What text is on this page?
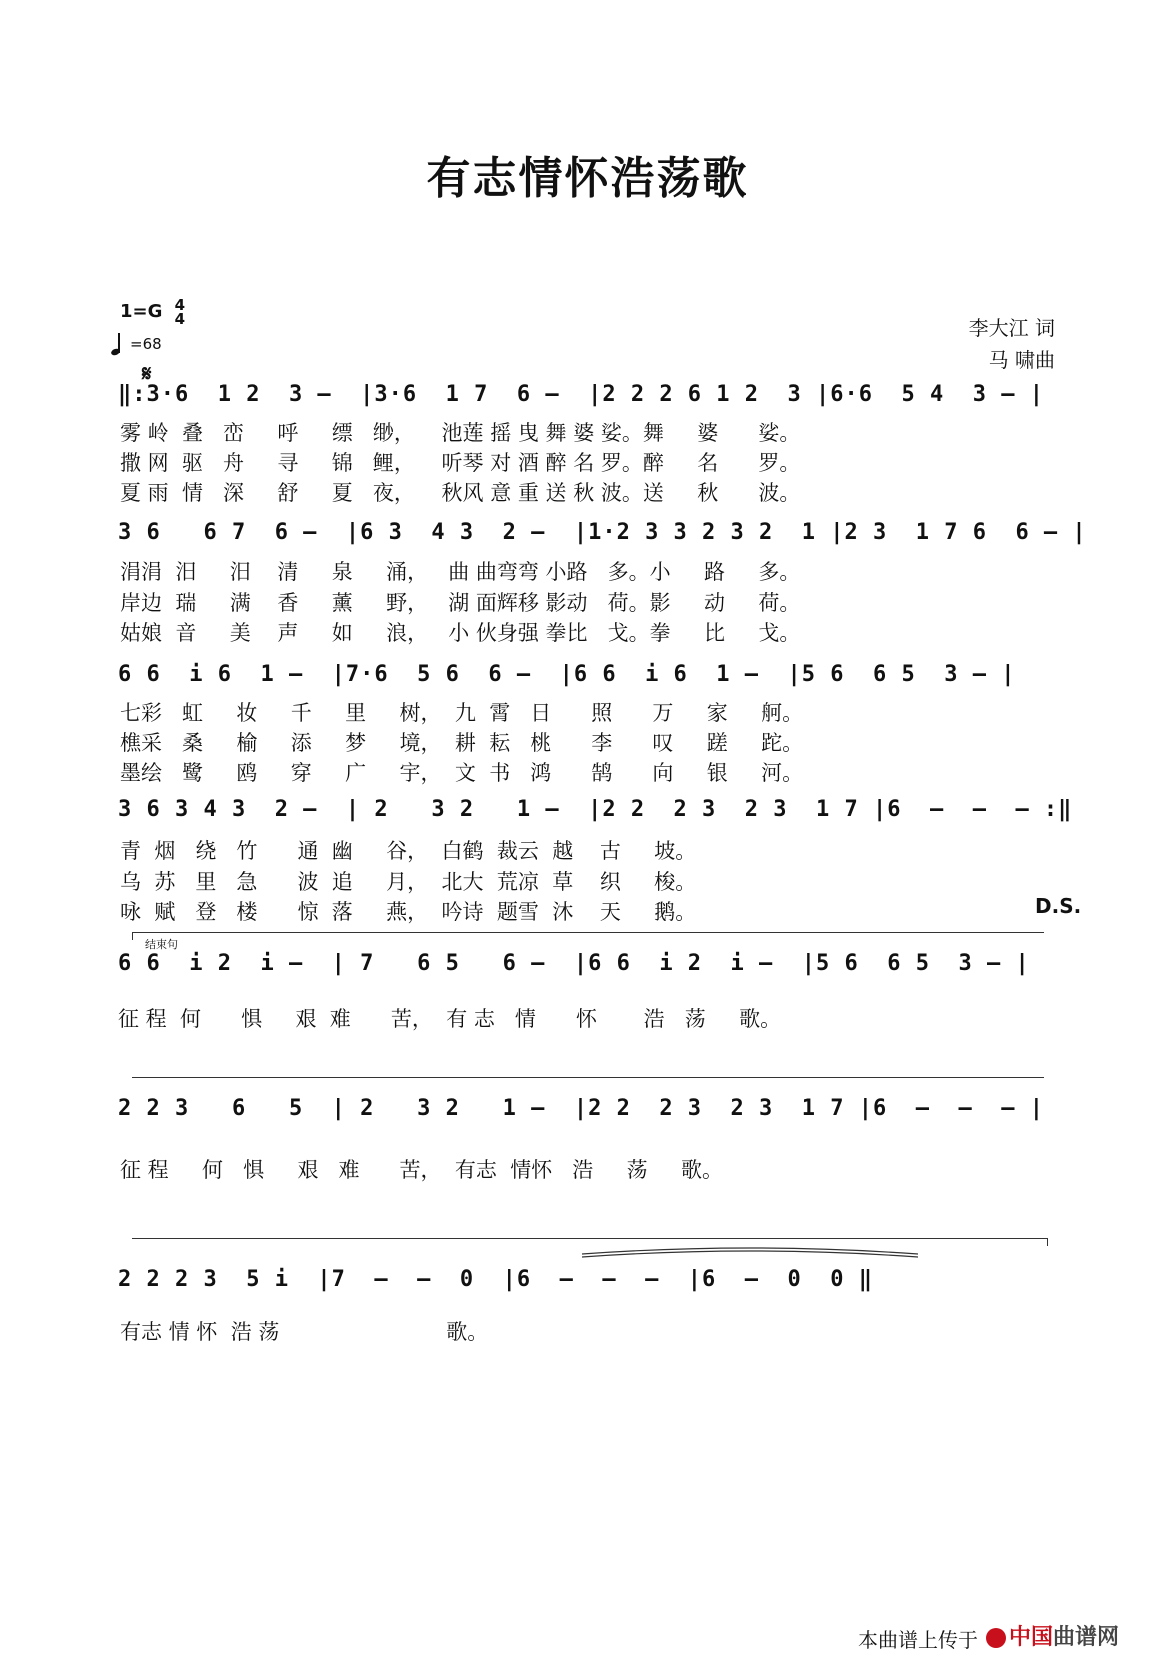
有志情怀浩荡歌
1=G 4
4
=68
𝄋
李大江 词
马 啸曲
‖:3·6  1 2  3 –  |3·6  1 7  6 –  |2 2 2 6 1 2  3 |6·6  5 4  3 – |
雾 岭  叠   峦     呼     缥   缈，    池莲 摇 曳 舞 婆 娑。舞     婆      娑。
撒 网  驱   舟     寻     锦   鲤，    听琴 对 酒 醉 名 罗。醉     名      罗。
夏 雨  情   深     舒     夏   夜，    秋风 意 重 送 秋 波。送     秋      波。
3 6   6 7  6 –  |6 3  4 3  2 –  |1·2 3 3 2 3 2  1 |2 3  1 7 6  6 – |
涓涓  汨     汨    清     泉     涌，   曲 曲弯弯 小路   多。小     路     多。
岸边  瑞     满    香     薰     野，   湖 面辉移 影动   荷。影     动     荷。
姑娘  音     美    声     如     浪，   小 伙身强 拳比   戈。拳     比     戈。
6 6  i 6  1 –  |7·6  5 6  6 –  |6 6  i 6  1 –  |5 6  6 5  3 – |
七彩   虹     妆     千     里     树，  九  霄   日      照      万     家     舸。
樵采   桑     榆     添     梦     境，  耕  耘   桃      李      叹     蹉     跎。
墨绘   鹭     鸥     穿     广     宇，  文  书   鸿      鹄      向     银     河。
3 6 3 4 3  2 –  | 2   3 2   1 –  |2 2  2 3  2 3  1 7 |6  –  –  – :‖
青  烟   绕   竹      通  幽     谷，  白鹤  裁云  越    古     坡。
乌  苏   里   急      波  追     月，  北大  荒凉  草    织     梭。
咏  赋   登   楼      惊  落     燕，  吟诗  题雪  沐    天     鹅。	D.S.
结束句
6 6  i 2  i –  | 7   6 5   6 –  |6 6  i 2  i –  |5 6  6 5  3 – |
征 程  何      惧     艰  难      苦，  有 志   情      怀       浩   荡     歌。
2 2 3   6   5  | 2   3 2   1 –  |2 2  2 3  2 3  1 7 |6  –  –  – |
征 程     何   惧     艰   难      苦，  有志  情怀   浩     荡     歌。
2 2 2 3  5 i  |7  –  –  0  |6  –  –  –  |6  –  0  0 ‖
有志 情 怀  浩 荡                         歌。
本曲谱上传于	中国曲谱网
